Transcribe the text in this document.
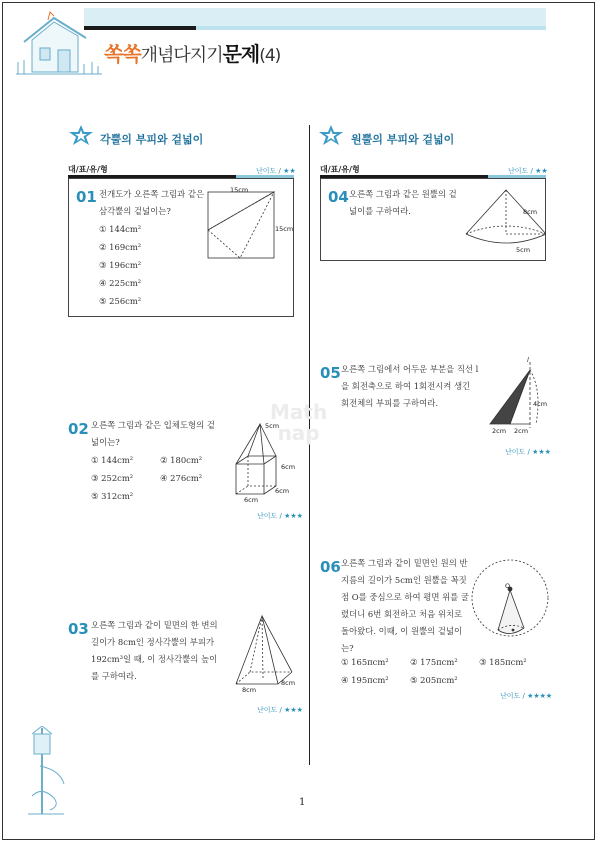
쏙쏙개념다지기문제(4)
각뿔의 부피와 겉넓이
대/표/유/형	난이도 / ★★
01 전개도가 오른쪽 그림과 같은 삼각뿔의 겉넓이는?
① 144cm²
② 169cm²
③ 196cm²
④ 225cm²
⑤ 256cm²
15cm
15cm
02 오른쪽 그림과 같은 입체도형의 겉넓이는?
① 144cm²	② 180cm²
③ 252cm²	④ 276cm²
⑤ 312cm²
5cm
6cm
6cm
6cm
난이도 / ★★★
Math
nap
03 오른쪽 그림과 같이 밑면의 한 변의 길이가 8cm인 정사각뿔의 부피가 192cm³일 때, 이 정사각뿔의 높이를 구하여라.
8cm
8cm
난이도 / ★★★
원뿔의 부피와 겉넓이
대/표/유/형	난이도 / ★★
04 오른쪽 그림과 같은 원뿔의 겉넓이를 구하여라.	8cm
5cm
05 오른쪽 그림에서 어두운 부분을 직선 l을 회전축으로 하여 1회전시켜 생긴 회전체의 부피를 구하여라.
l
4cm
2cm 2cm
난이도 / ★★★
06 오른쪽 그림과 같이 밑면인 원의 반지름의 길이가 5cm인 원뿔을 꼭짓점 O를 중심으로 하여 평면 위를 굴렸더니 6번 회전하고 처음 위치로 돌아왔다. 이때, 이 원뿔의 겉넓이는?
① 165πcm²	② 175πcm²	③ 185πcm²
④ 195πcm²	⑤ 205πcm²
O
난이도 / ★★★★
1
